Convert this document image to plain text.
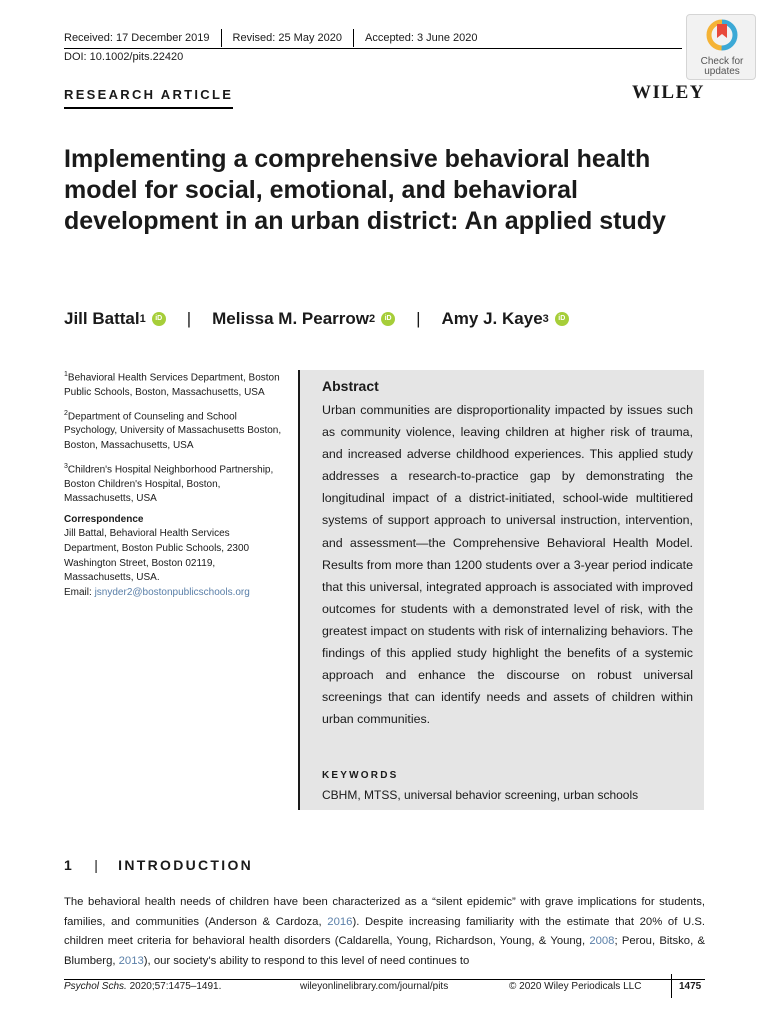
Received: 17 December 2019 Revised: 25 May 2020 Accepted: 3 June 2020
DOI: 10.1002/pits.22420
RESEARCH ARTICLE	WILEY
Check for
updates
Implementing a comprehensive behavioral health model for social, emotional, and behavioral development in an urban district: An applied study
Jill Battal 1	iD | Melissa M. Pearrow 2	iD | Amy J. Kaye 3	iD

$^1$Behavioral Health Services Department, Boston Public Schools, Boston, Massachusetts, USA

$^2$Department of Counseling and School Psychology, University of Massachusetts Boston, Boston, Massachusetts, USA

$^3$Children's Hospital Neighborhood Partnership, Boston Children's Hospital, Boston, Massachusetts, USA

Correspondence
Jill Battal, Behavioral Health Services Department, Boston Public Schools, 2300 Washington Street, Boston 02119, Massachusetts, USA.
Email: jsnyder2@bostonpublicschools.org
Abstract
Urban communities are disproportionality impacted by issues such as community violence, leaving children at higher risk of trauma, and increased adverse childhood experiences. This applied study addresses a research-to-practice gap by demonstrating the longitudinal impact of a district-initiated, school-wide multitiered systems of support approach to universal instruction, intervention, and assessment—the Comprehensive Behavioral Health Model. Results from more than 1200 students over a 3-year period indicate that this universal, integrated approach is associated with improved outcomes for students with a demonstrated level of risk, with the greatest impact on students with risk of internalizing behaviors. The findings of this applied study highlight the benefits of a systemic approach and enhance the discourse on robust universal screenings that can identify needs and assets of children within urban communities.
KEYWORDS
CBHM, MTSS, universal behavior screening, urban schools
1 | INTRODUCTION
The behavioral health needs of children have been characterized as a “silent epidemic” with grave implications for students, families, and communities (Anderson & Cardoza, 2016). Despite increasing familiarity with the estimate that 20% of U.S. children meet criteria for behavioral health disorders (Caldarella, Young, Richardson, Young, & Young, 2008; Perou, Bitsko, & Blumberg, 2013), our society's ability to respond to this level of need continues to
Psychol Schs. 2020;57:1475–1491.	wileyonlinelibrary.com/journal/pits	© 2020 Wiley Periodicals LLC	1475
